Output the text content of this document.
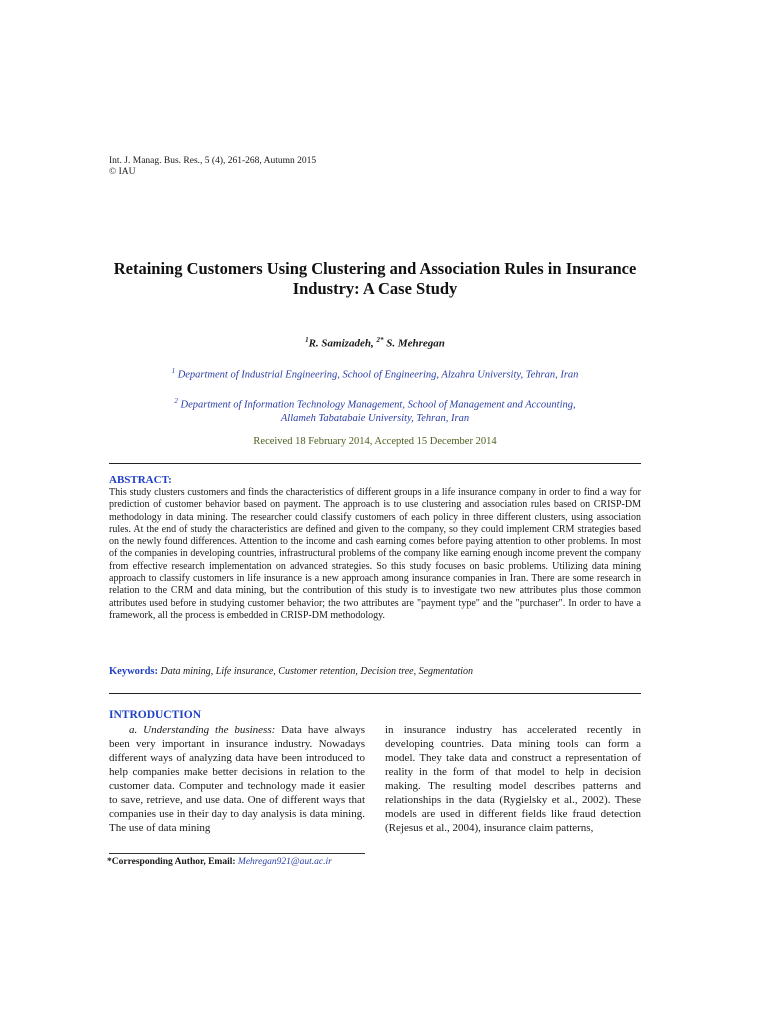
Int. J. Manag. Bus. Res., 5 (4), 261-268, Autumn 2015
© IAU
Retaining Customers Using Clustering and Association Rules in Insurance Industry: A Case Study
$^1$R. Samizadeh, $^{2*}$ S. Mehregan
$^1$ Department of Industrial Engineering, School of Engineering, Alzahra University, Tehran, Iran
$^2$ Department of Information Technology Management, School of Management and Accounting,
Allameh Tabatabaie University, Tehran, Iran
Received 18 February 2014, Accepted 15 December 2014
ABSTRACT:
This study clusters customers and finds the characteristics of different groups in a life insurance company in order to find a way for prediction of customer behavior based on payment. The approach is to use clustering and association rules based on CRISP-DM methodology in data mining. The researcher could classify customers of each policy in three different clusters, using association rules. At the end of study the characteristics are defined and given to the company, so they could implement CRM strategies based on the newly found differences. Attention to the income and cash earning comes before paying attention to other problems. In most of the companies in developing countries, infrastructural problems of the company like earning enough income prevent the company from effective research implementation on advanced strategies. So this study focuses on basic problems. Utilizing data mining approach to classify customers in life insurance is a new approach among insurance companies in Iran. There are some research in relation to the CRM and data mining, but the contribution of this study is to investigate two new attributes plus those common attributes used before in studying customer behavior; the two attributes are "payment type" and the "purchaser". In order to have a framework, all the process is embedded in CRISP-DM methodology.
Keywords: Data mining, Life insurance, Customer retention, Decision tree, Segmentation
INTRODUCTION
a. Understanding the business: Data have always been very important in insurance industry. Nowadays different ways of analyzing data have been introduced to help companies make better decisions in relation to the customer data. Computer and technology made it easier to save, retrieve, and use data. One of different ways that companies use in their day to day analysis is data mining. The use of data mining
in insurance industry has accelerated recently in developing countries. Data mining tools can form a model. They take data and construct a representation of reality in the form of that model to help in decision making. The resulting model describes patterns and relationships in the data (Rygielsky et al., 2002). These models are used in different fields like fraud detection (Rejesus et al., 2004), insurance claim patterns,
*Corresponding Author, Email: Mehregan921@aut.ac.ir
